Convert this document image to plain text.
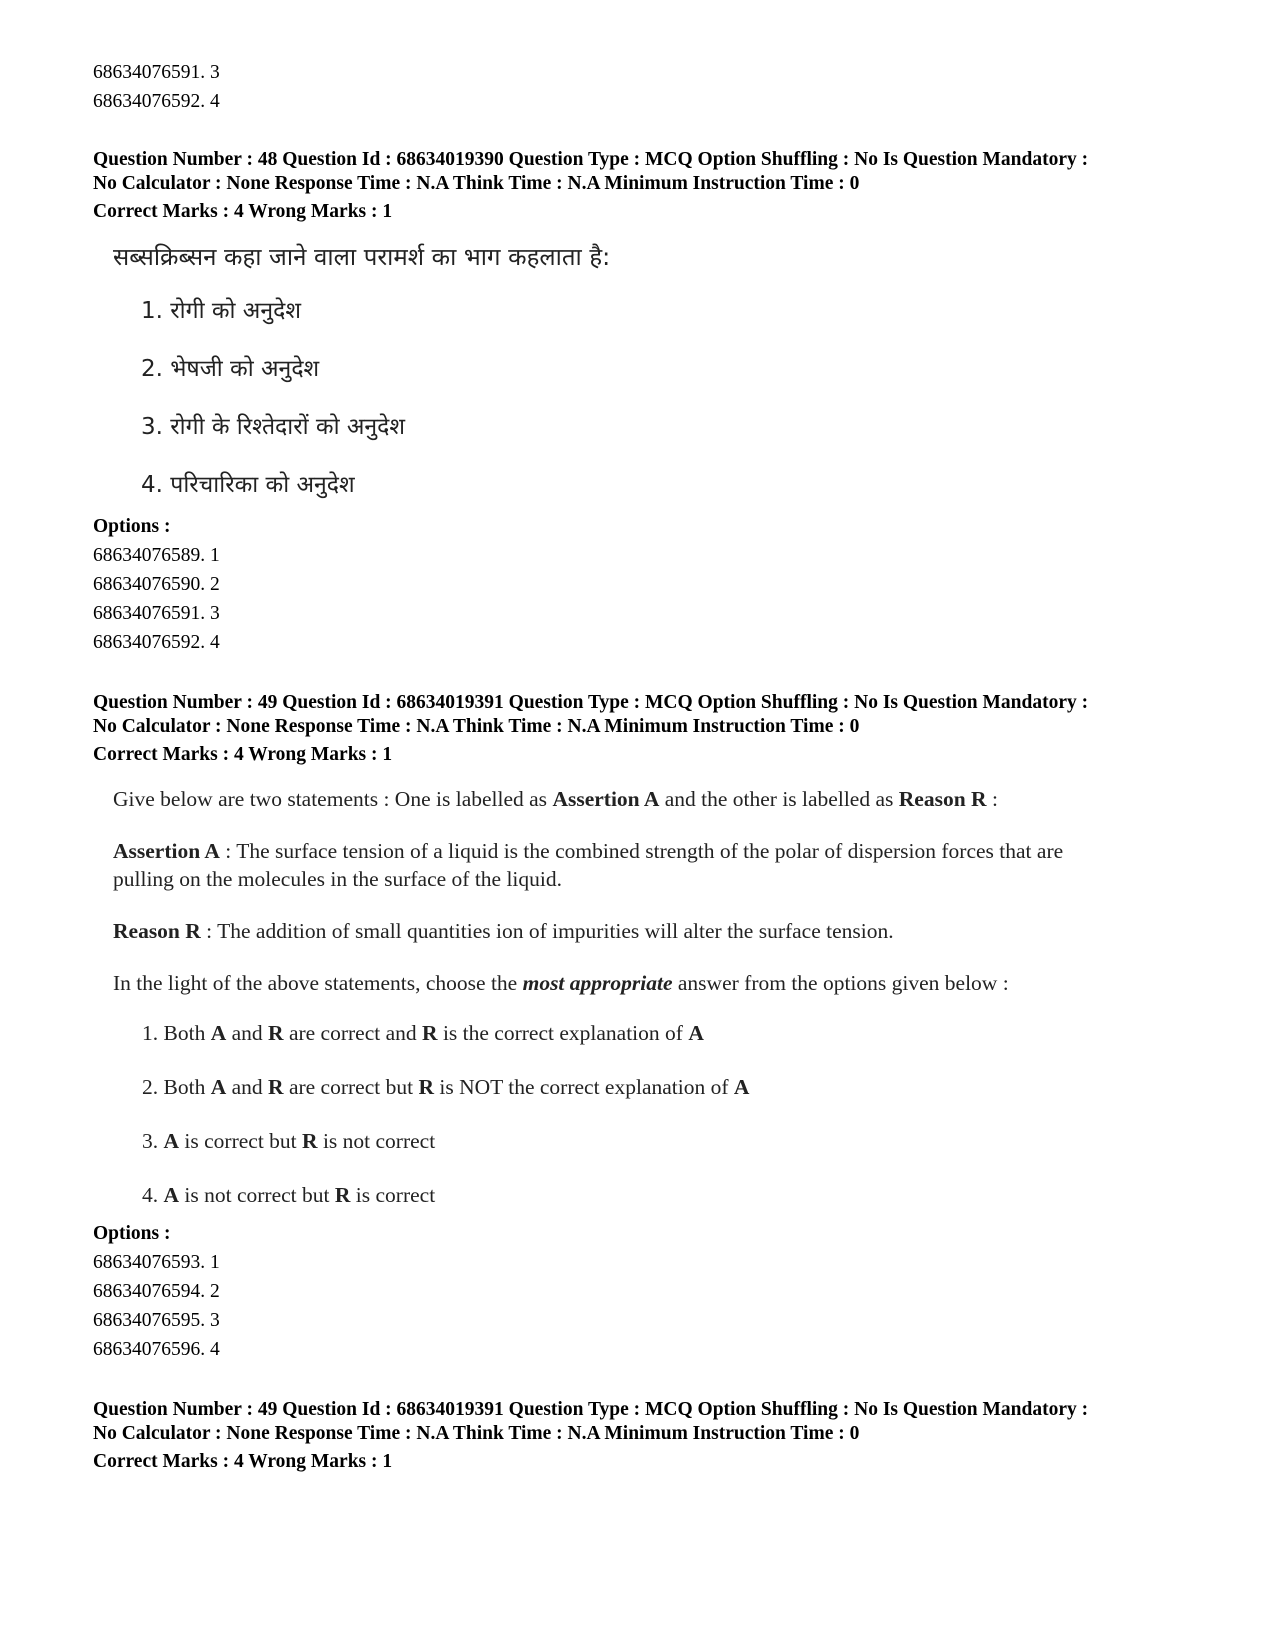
68634076591. 3
68634076592. 4
Question Number : 48 Question Id : 68634019390 Question Type : MCQ Option Shuffling : No Is Question Mandatory :
No Calculator : None Response Time : N.A Think Time : N.A Minimum Instruction Time : 0
Correct Marks : 4 Wrong Marks : 1
सब्सक्रिब्सन कहा जाने वाला परामर्श का भाग कहलाता है:
1. रोगी को अनुदेश
2. भेषजी को अनुदेश
3. रोगी के रिश्तेदारों को अनुदेश
4. परिचारिका को अनुदेश
Options :
68634076589. 1
68634076590. 2
68634076591. 3
68634076592. 4
Question Number : 49 Question Id : 68634019391 Question Type : MCQ Option Shuffling : No Is Question Mandatory :
No Calculator : None Response Time : N.A Think Time : N.A Minimum Instruction Time : 0
Correct Marks : 4 Wrong Marks : 1
Give below are two statements : One is labelled as Assertion A and the other is labelled as Reason R :
Assertion A : The surface tension of a liquid is the combined strength of the polar of dispersion forces that are
pulling on the molecules in the surface of the liquid.
Reason R : The addition of small quantities ion of impurities will alter the surface tension.
In the light of the above statements, choose the most appropriate answer from the options given below :
1. Both A and R are correct and R is the correct explanation of A
2. Both A and R are correct but R is NOT the correct explanation of A
3. A is correct but R is not correct
4. A is not correct but R is correct
Options :
68634076593. 1
68634076594. 2
68634076595. 3
68634076596. 4
Question Number : 49 Question Id : 68634019391 Question Type : MCQ Option Shuffling : No Is Question Mandatory :
No Calculator : None Response Time : N.A Think Time : N.A Minimum Instruction Time : 0
Correct Marks : 4 Wrong Marks : 1
